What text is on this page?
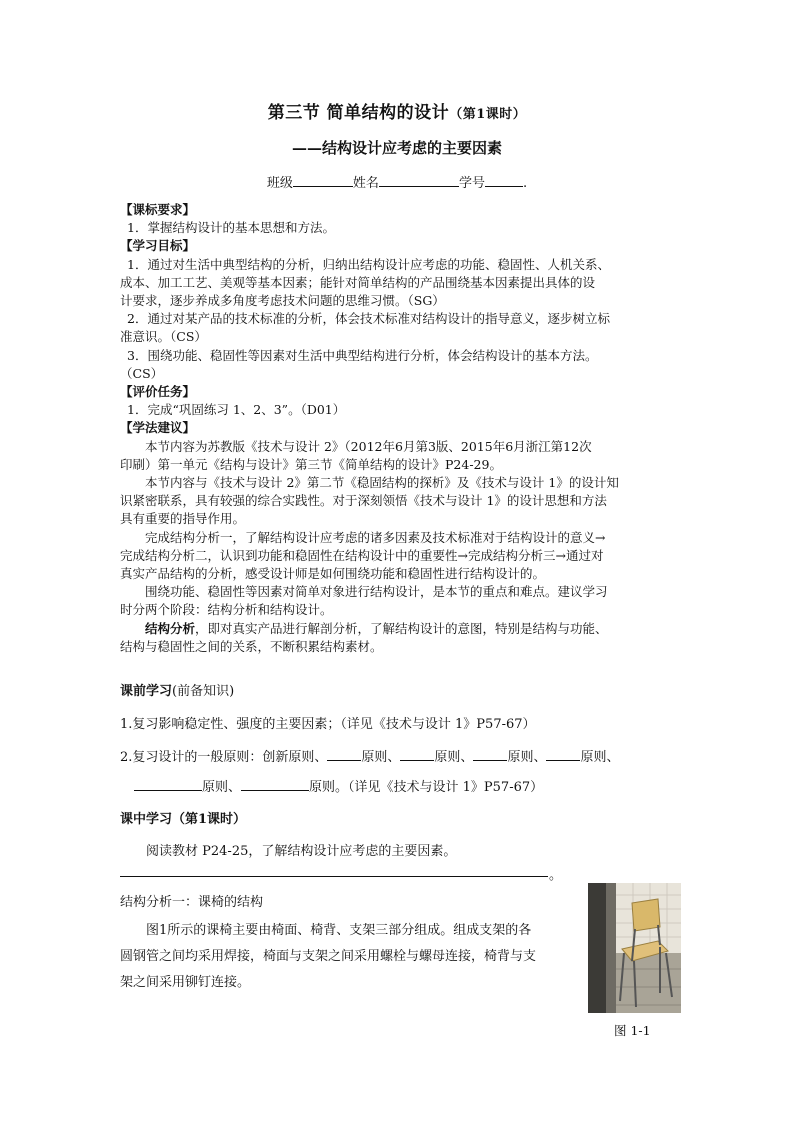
第三节 简单结构的设计（第1课时）
——结构设计应考虑的主要因素
班级	姓名	学号	.

【课标要求】

1．掌握结构设计的基本思想和方法。

【学习目标】

1．通过对生活中典型结构的分析，归纳出结构设计应考虑的功能、稳固性、人机关系、

成本、加工工艺、美观等基本因素；能针对简单结构的产品围绕基本因素提出具体的设

计要求，逐步养成多角度考虑技术问题的思维习惯。（SG）

2．通过对某产品的技术标准的分析，体会技术标准对结构设计的指导意义，逐步树立标

准意识。（CS）

3．围绕功能、稳固性等因素对生活中典型结构进行分析，体会结构设计的基本方法。

（CS）

【评价任务】

1．完成“巩固练习 1、2、3”。（D01）

【学法建议】

本节内容为苏教版《技术与设计 2》（2012年6月第3版、2015年6月浙江第12次

印刷）第一单元《结构与设计》第三节《简单结构的设计》P24-29。

本节内容与《技术与设计 2》第二节《稳固结构的探析》及《技术与设计 1》的设计知

识紧密联系，具有较强的综合实践性。对于深刻领悟《技术与设计 1》的设计思想和方法

具有重要的指导作用。

完成结构分析一，了解结构设计应考虑的诸多因素及技术标准对于结构设计的意义→

完成结构分析二，认识到功能和稳固性在结构设计中的重要性→完成结构分析三→通过对

真实产品结构的分析，感受设计师是如何围绕功能和稳固性进行结构设计的。

围绕功能、稳固性等因素对简单对象进行结构设计，是本节的重点和难点。建议学习

时分两个阶段：结构分析和结构设计。

结构分析，即对真实产品进行解剖分析，了解结构设计的意图，特别是结构与功能、

结构与稳固性之间的关系，不断积累结构素材。

课前学习(前备知识)
1.复习影响稳定性、强度的主要因素；（详见《技术与设计 1》P57-67）
2.复习设计的一般原则：创新原则、	原则、	原则、	原则、	原则、
原则、	原则。（详见《技术与设计 1》P57-67）
课中学习（第1课时）
阅读教材 P24-25，了解结构设计应考虑的主要因素。
。
结构分析一：课椅的结构
图1所示的课椅主要由椅面、椅背、支架三部分组成。组成支架的各
圆钢管之间均采用焊接，椅面与支架之间采用螺栓与螺母连接，椅背与支
架之间采用铆钉连接。
图 1-1
